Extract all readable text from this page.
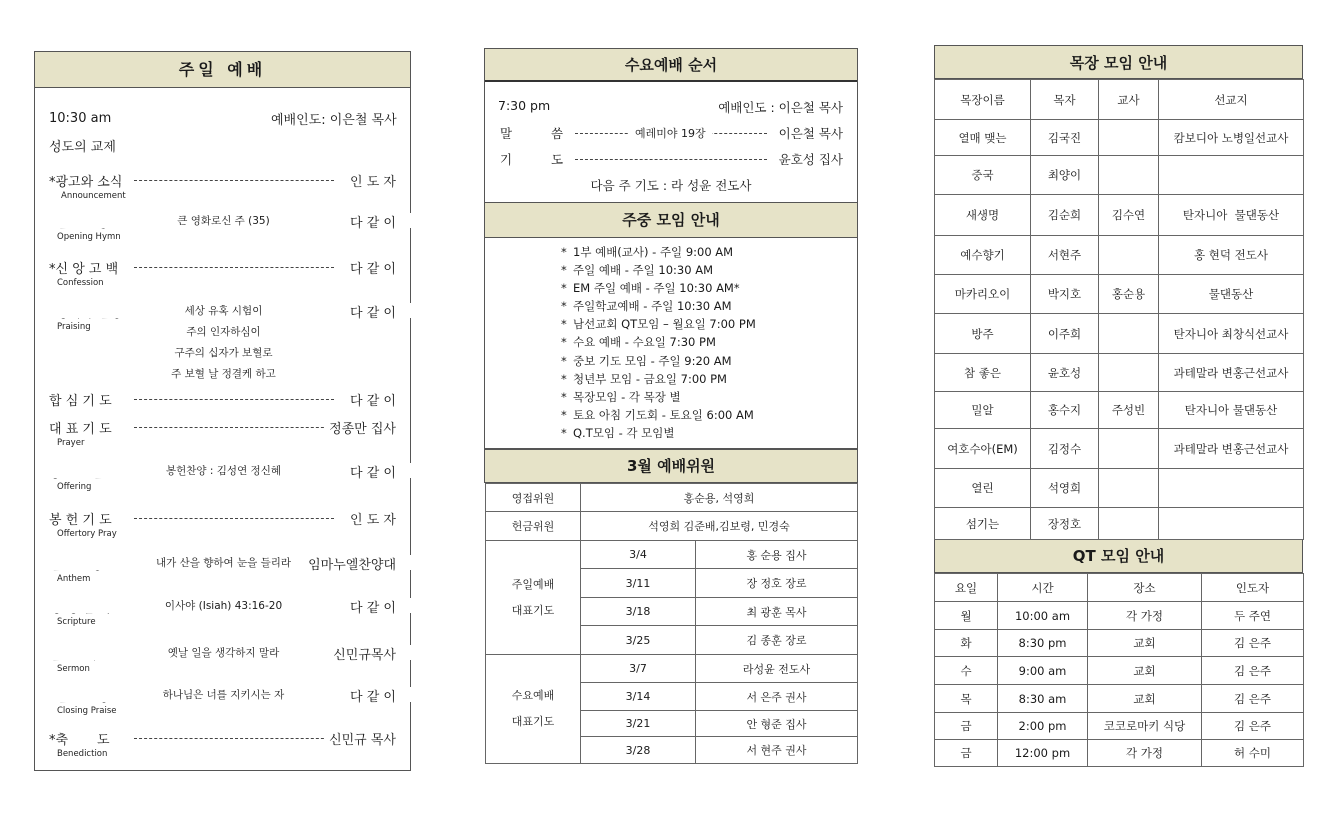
주일 예배
10:30 am	예배인도: 이은철 목사
성도의 교제
*광고와 소식	인 도 자
Announcement
큰 영화로신 주 (35)	다 같 이
Opening Hymn
*신 앙 고 백	다 같 이
Confession
세상 유혹 시험이	다 같 이
Praising
합 심 기 도	다 같 이
대 표 기 도	정종만 집사
Prayer
봉헌찬양 : 김성연 정신혜	다 같 이
Offering
봉 헌 기 도	인 도 자
Offertory Pray
내가 산을 향하여 눈을 들리라	임마누엘찬양대
Anthem
이사야 (Isiah) 43:16-20	다 같 이
Scripture
옛날 일을 생각하지 말라	신민규목사
Sermon
하나님은 너를 지키시는 자	다 같 이
Closing Praise
*축       도	신민규 목사
Benediction
주의 인자하심이
구주의 십자가 보혈로
주 보혈 날 정결케 하고
수요예배 순서
7:30 pm	예배인도 : 이은철 목사
말	씀	예레미야 19장	이은철 목사
기	도	윤호성 집사
다음 주 기도 : 라 성윤 전도사
주중 모임 안내
* 1부 예배(교사) - 주일 9:00 AM
* 주일 예배 - 주일 10:30 AM
* EM 주일 예배 - 주일 10:30 AM*
* 주일학교예배 - 주일 10:30 AM
* 남선교회 QT모임 – 월요일 7:00 PM
* 수요 예배 - 수요일 7:30 PM
* 중보 기도 모임 - 주일 9:20 AM
* 청년부 모임 - 금요일 7:00 PM
* 목장모임 - 각 목장 별
* 토요 아침 기도회 - 토요일 6:00 AM
* Q.T모임 - 각 모임별
3월 예배위원
영접위원	홍순용, 석영희	
헌금위원	석영희 김준배,김보령, 민경숙	

주일예배
대표기도	3/4	홍 순용 집사
	3/11	장 정호 장로
	3/18	최 광훈 목사
	3/25	김 종훈 장로

수요예배
대표기도	3/7	라성윤 전도사
	3/14	서 은주 권사
	3/21	안 형준 집사
	3/28	서 현주 권사
목장 모임 안내
목장이름	목자	교사	선교지
열매 맺는	김국진		캄보디아 노병일선교사
중국	최양이		
새생명	김순희	김수연	탄자니아  물댄동산
예수향기	서현주		홍 현덕 전도사
마카리오이	박지호	홍순용	물댄동산
방주	이주희		탄자니아 최창식선교사
참 좋은	윤호성		과테말라 변홍근선교사
밀알	홍수지	주성빈	탄자니아 물댄동산
여호수아(EM)	김정수		과테말라 변홍근선교사
열린	석영희		
섬기는	장정호		
QT 모임 안내
요일	시간	장소	인도자
월	10:00 am	각 가정	두 주연
화	8:30 pm	교회	김 은주
수	9:00 am	교회	김 은주
목	8:30 am	교회	김 은주
금	2:00 pm	코코로마키 식당	김 은주
금	12:00 pm	각 가정	허 수미
